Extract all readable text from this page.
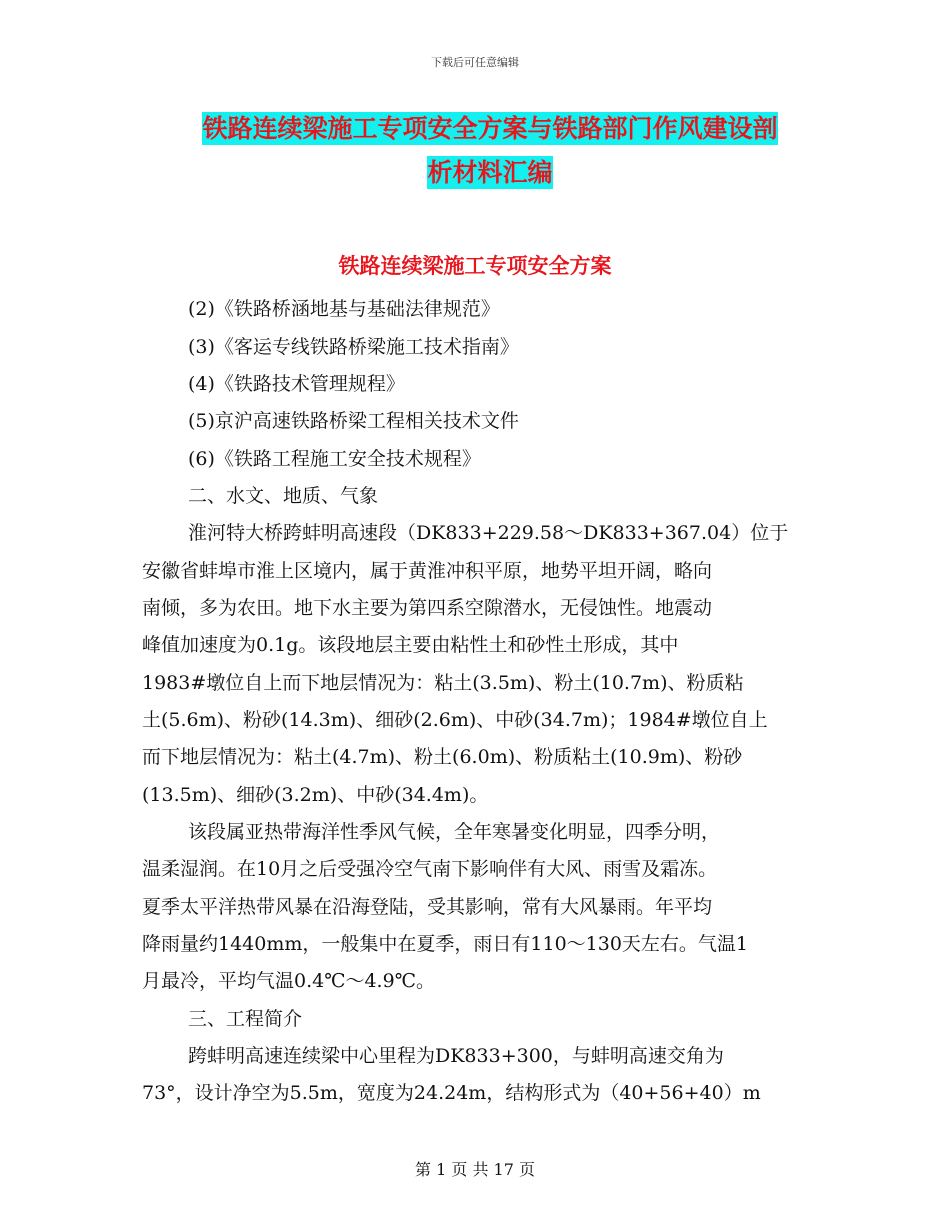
下载后可任意编辑
铁路连续梁施工专项安全方案与铁路部门作风建设剖
析材料汇编
铁路连续梁施工专项安全方案
(2)《铁路桥涵地基与基础法律规范》
(3)《客运专线铁路桥梁施工技术指南》
(4)《铁路技术管理规程》
(5)京沪高速铁路桥梁工程相关技术文件
(6)《铁路工程施工安全技术规程》
二、水文、地质、气象
淮河特大桥跨蚌明高速段（DK833+229.58～DK833+367.04）位于
安徽省蚌埠市淮上区境内，属于黄淮冲积平原，地势平坦开阔，略向
南倾，多为农田。地下水主要为第四系空隙潜水，无侵蚀性。地震动
峰值加速度为0.1g。该段地层主要由粘性土和砂性土形成，其中
1983#墩位自上而下地层情况为：粘土(3.5m)、粉土(10.7m)、粉质粘
土(5.6m)、粉砂(14.3m)、细砂(2.6m)、中砂(34.7m)；1984#墩位自上
而下地层情况为：粘土(4.7m)、粉土(6.0m)、粉质粘土(10.9m)、粉砂
(13.5m)、细砂(3.2m)、中砂(34.4m)。
该段属亚热带海洋性季风气候，全年寒暑变化明显，四季分明，
温柔湿润。在10月之后受强冷空气南下影响伴有大风、雨雪及霜冻。
夏季太平洋热带风暴在沿海登陆，受其影响，常有大风暴雨。年平均
降雨量约1440mm，一般集中在夏季，雨日有110～130天左右。气温1
月最冷，平均气温0.4℃～4.9℃。
三、工程简介
跨蚌明高速连续梁中心里程为DK833+300，与蚌明高速交角为
73°，设计净空为5.5m，宽度为24.24m，结构形式为（40+56+40）m
第 1 页 共 17 页
